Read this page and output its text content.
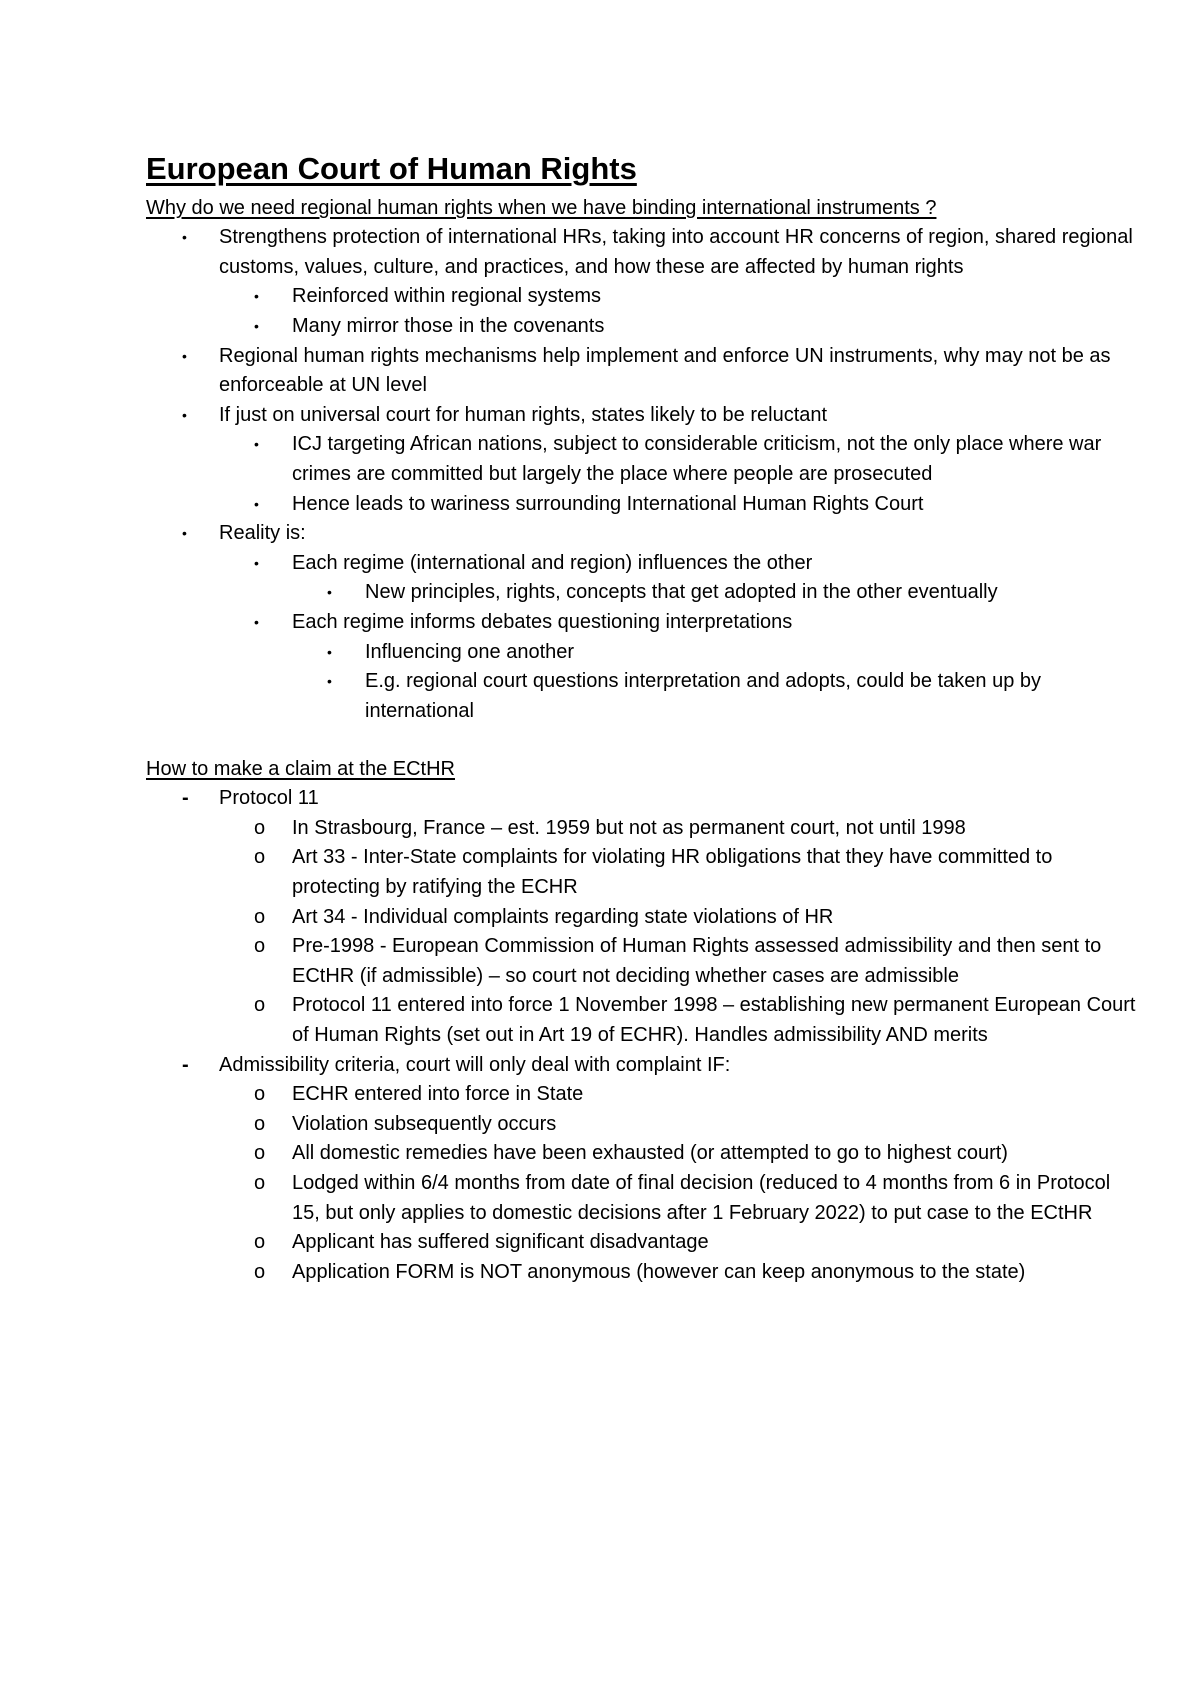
European Court of Human Rights
Why do we need regional human rights when we have binding international instruments ?
•	Strengthens protection of international HRs, taking into account HR concerns of region, shared regional customs, values, culture, and practices, and how these are affected by human rights
•	Reinforced within regional systems
•	Many mirror those in the covenants
•	Regional human rights mechanisms help implement and enforce UN instruments, why may not be as enforceable at UN level
•	If just on universal court for human rights, states likely to be reluctant
•	ICJ targeting African nations, subject to considerable criticism, not the only place where war crimes are committed but largely the place where people are prosecuted
•	Hence leads to wariness surrounding International Human Rights Court
•	Reality is:
•	Each regime (international and region) influences the other
•	New principles, rights, concepts that get adopted in the other eventually
•	Each regime informs debates questioning interpretations
•	Influencing one another
•	E.g. regional court questions interpretation and adopts, could be taken up by international
How to make a claim at the ECtHR
-	Protocol 11
o	In Strasbourg, France – est. 1959 but not as permanent court, not until 1998
o	Art 33 - Inter-State complaints for violating HR obligations that they have committed to protecting by ratifying the ECHR
o	Art 34 - Individual complaints regarding state violations of HR
o	Pre-1998 - European Commission of Human Rights assessed admissibility and then sent to ECtHR (if admissible) – so court not deciding whether cases are admissible
o	Protocol 11 entered into force 1 November 1998 – establishing new permanent European Court of Human Rights (set out in Art 19 of ECHR). Handles admissibility AND merits
-	Admissibility criteria, court will only deal with complaint IF:
o	ECHR entered into force in State
o	Violation subsequently occurs
o	All domestic remedies have been exhausted (or attempted to go to highest court)
o	Lodged within 6/4 months from date of final decision (reduced to 4 months from 6 in Protocol 15, but only applies to domestic decisions after 1 February 2022) to put case to the ECtHR
o	Applicant has suffered significant disadvantage
o	Application FORM is NOT anonymous (however can keep anonymous to the state)
